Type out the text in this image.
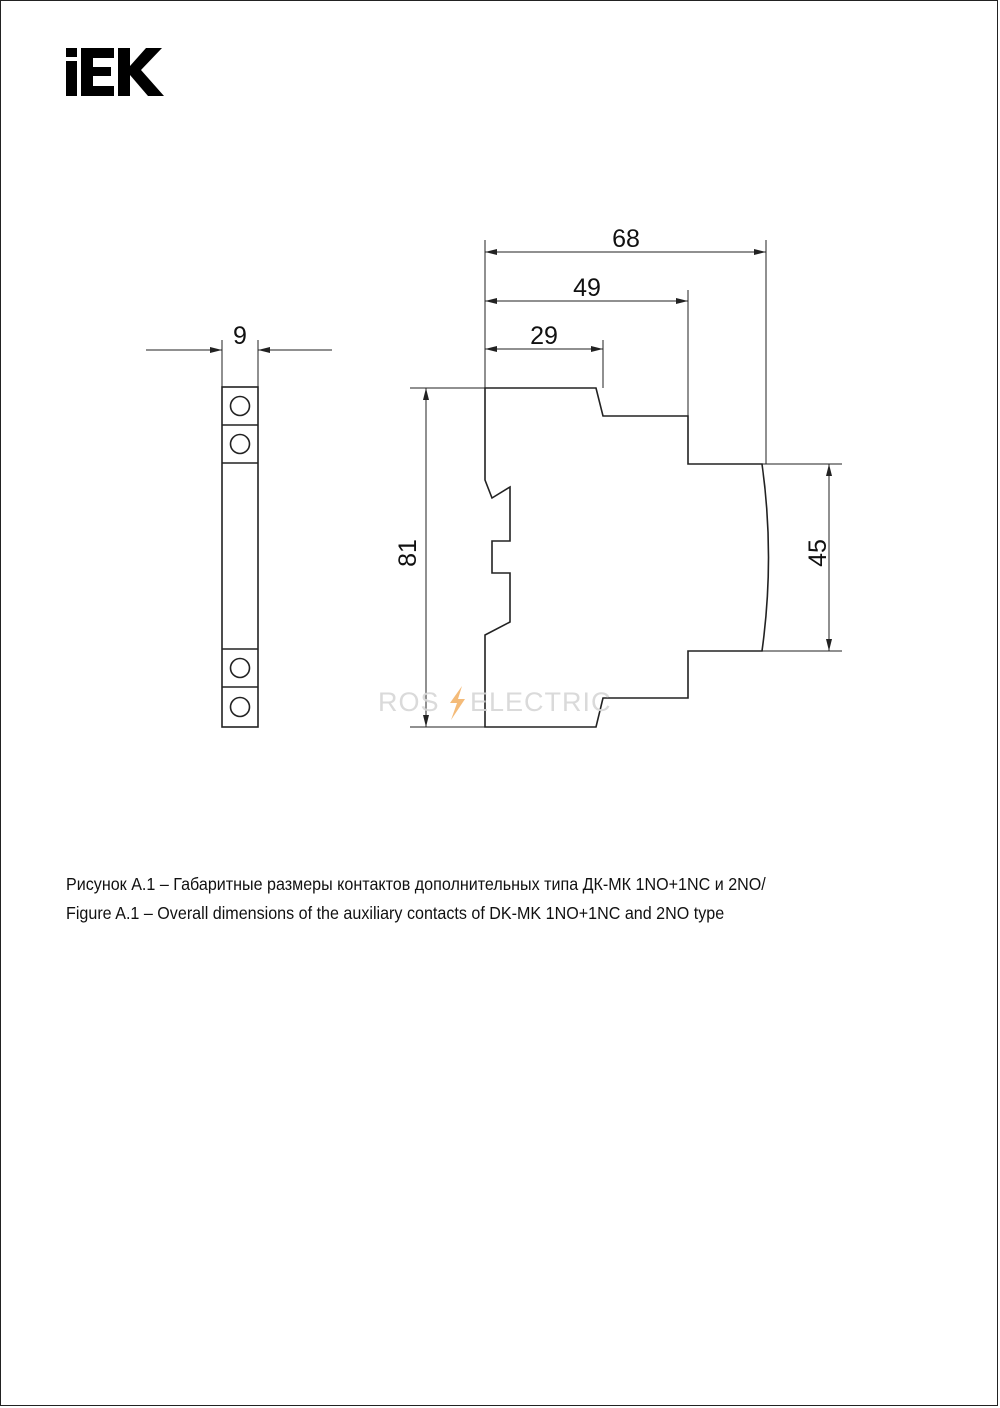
9
68
49
29
81	45
ROS ELECTRIC
Рисунок А.1 – Габаритные размеры контактов дополнительных типа ДК-МК 1NO+1NC и 2NO/
Figure A.1 – Overall dimensions of the auxiliary contacts of DK-MK 1NO+1NC and 2NO type
